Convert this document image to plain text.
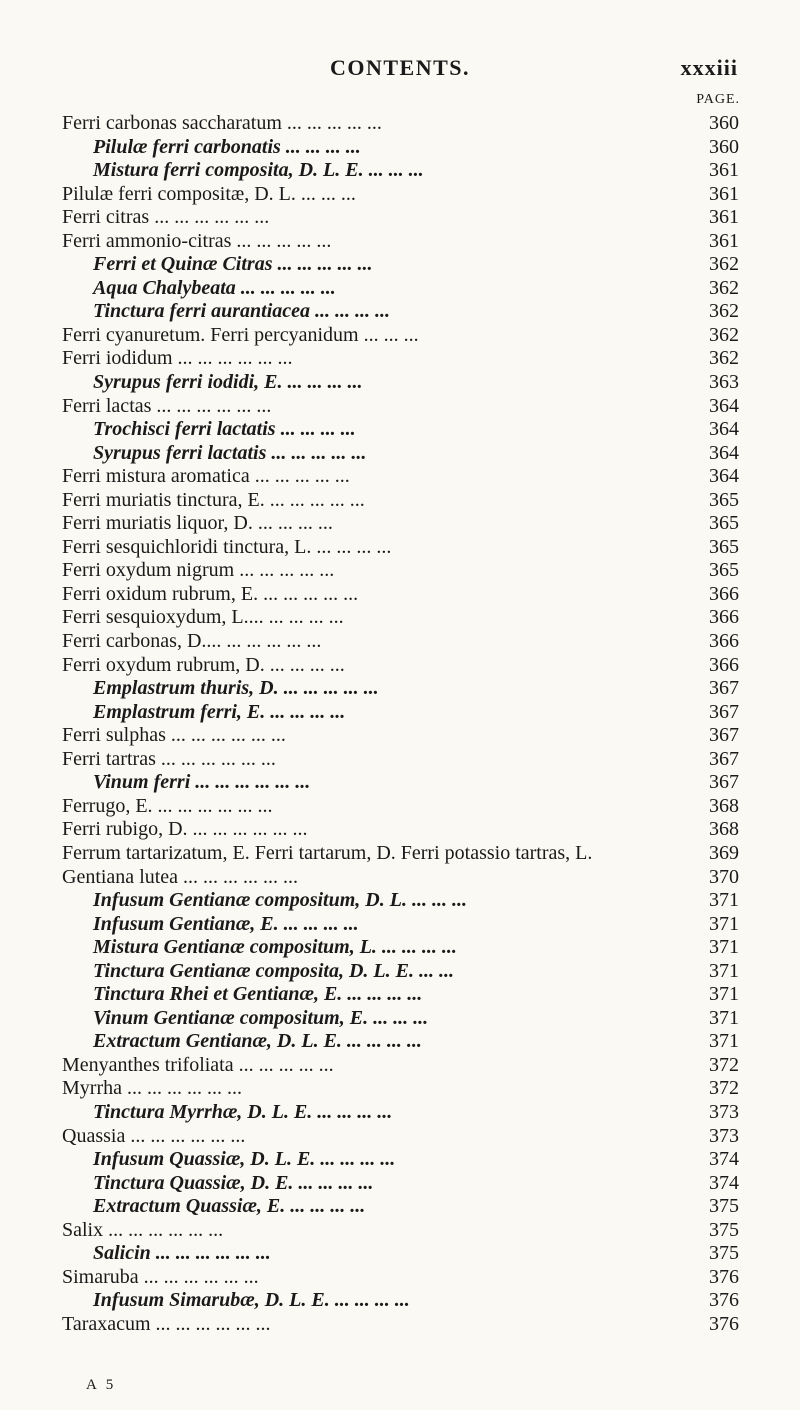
CONTENTS.	xxxiii
PAGE.
Ferri carbonas saccharatum ... ... ... ... ...	360
Pilulæ ferri carbonatis ... ... ... ...	360
Mistura ferri composita, D. L. E. ... ... ...	361
Pilulæ ferri compositæ, D. L. ... ... ...	361
Ferri citras ... ... ... ... ... ...	361
Ferri ammonio-citras ... ... ... ... ...	361
Ferri et Quinæ Citras ... ... ... ... ...	362
Aqua Chalybeata ... ... ... ... ...	362
Tinctura ferri aurantiacea ... ... ... ...	362
Ferri cyanuretum. Ferri percyanidum ... ... ...	362
Ferri iodidum ... ... ... ... ... ...	362
Syrupus ferri iodidi, E. ... ... ... ...	363
Ferri lactas ... ... ... ... ... ...	364
Trochisci ferri lactatis ... ... ... ...	364
Syrupus ferri lactatis ... ... ... ... ...	364
Ferri mistura aromatica ... ... ... ... ...	364
Ferri muriatis tinctura, E. ... ... ... ... ...	365
Ferri muriatis liquor, D. ... ... ... ...	365
Ferri sesquichloridi tinctura, L. ... ... ... ...	365
Ferri oxydum nigrum ... ... ... ... ...	365
Ferri oxidum rubrum, E. ... ... ... ... ...	366
Ferri sesquioxydum, L.... ... ... ... ...	366
Ferri carbonas, D.... ... ... ... ... ...	366
Ferri oxydum rubrum, D. ... ... ... ...	366
Emplastrum thuris, D. ... ... ... ... ...	367
Emplastrum ferri, E. ... ... ... ...	367
Ferri sulphas ... ... ... ... ... ...	367
Ferri tartras ... ... ... ... ... ...	367
Vinum ferri ... ... ... ... ... ...	367
Ferrugo, E. ... ... ... ... ... ...	368
Ferri rubigo, D. ... ... ... ... ... ...	368
Ferrum tartarizatum, E. Ferri tartarum, D. Ferri potassio tartras, L.	369
Gentiana lutea ... ... ... ... ... ...	370
Infusum Gentianæ compositum, D. L. ... ... ...	371
Infusum Gentianæ, E. ... ... ... ...	371
Mistura Gentianæ compositum, L. ... ... ... ...	371
Tinctura Gentianæ composita, D. L. E. ... ...	371
Tinctura Rhei et Gentianæ, E. ... ... ... ...	371
Vinum Gentianæ compositum, E. ... ... ...	371
Extractum Gentianæ, D. L. E. ... ... ... ...	371
Menyanthes trifoliata ... ... ... ... ...	372
Myrrha ... ... ... ... ... ...	372
Tinctura Myrrhæ, D. L. E. ... ... ... ...	373
Quassia ... ... ... ... ... ...	373
Infusum Quassiæ, D. L. E. ... ... ... ...	374
Tinctura Quassiæ, D. E. ... ... ... ...	374
Extractum Quassiæ, E. ... ... ... ...	375
Salix ... ... ... ... ... ...	375
Salicin ... ... ... ... ... ...	375
Simaruba ... ... ... ... ... ...	376
Infusum Simarubæ, D. L. E. ... ... ... ...	376
Taraxacum ... ... ... ... ... ...	376
A 5
